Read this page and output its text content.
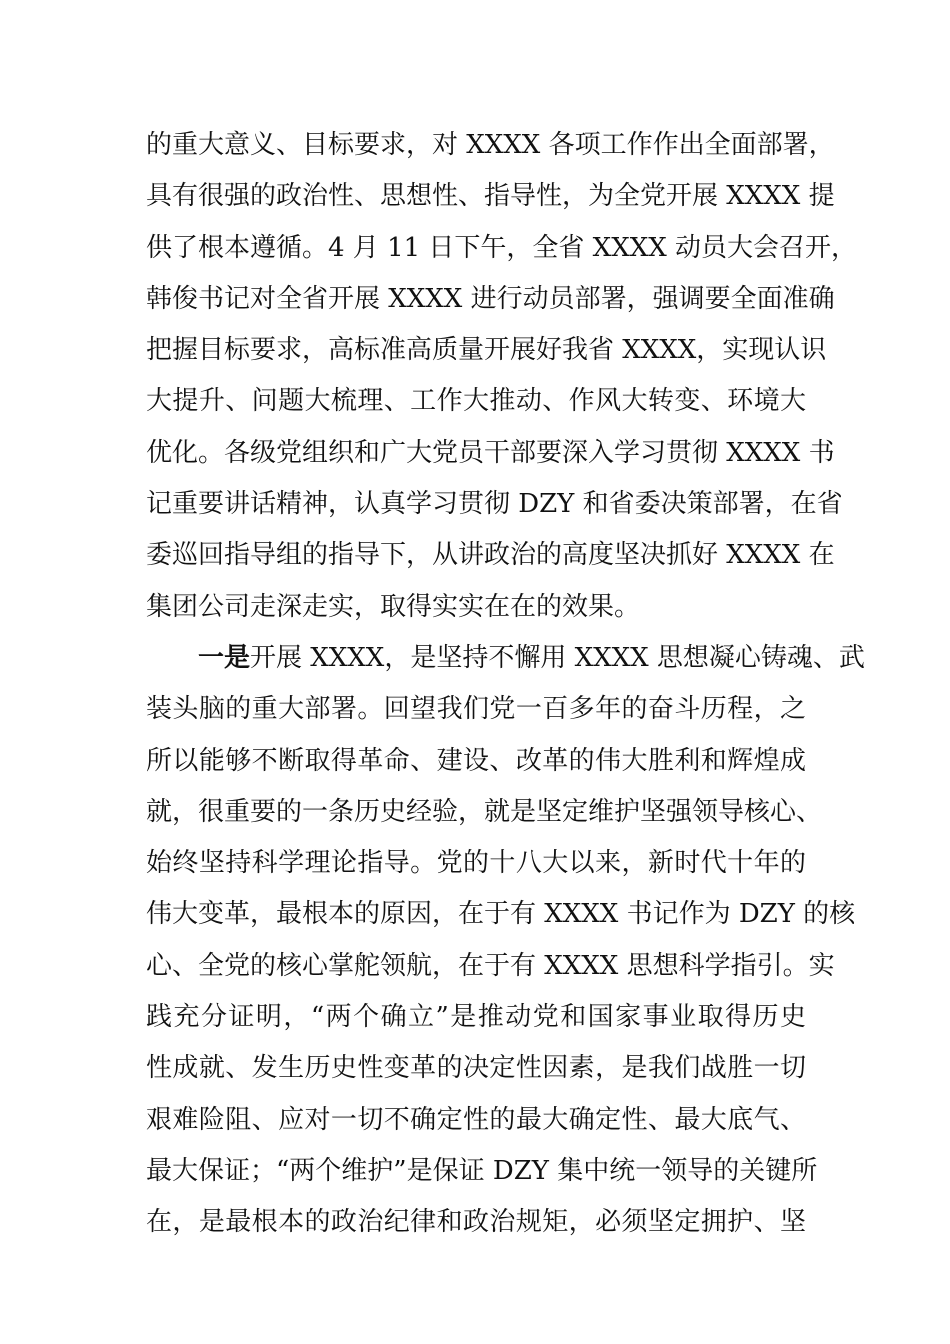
的重大意义、目标要求，对 XXXX 各项工作作出全面部署，
具有很强的政治性、思想性、指导性，为全党开展 XXXX 提
供了根本遵循。4 月 11 日下午，全省 XXXX 动员大会召开，
韩俊书记对全省开展 XXXX 进行动员部署，强调要全面准确
把握目标要求，高标准高质量开展好我省 XXXX，实现认识
大提升、问题大梳理、工作大推动、作风大转变、环境大
优化。各级党组织和广大党员干部要深入学习贯彻 XXXX 书
记重要讲话精神，认真学习贯彻 DZY 和省委决策部署，在省
委巡回指导组的指导下，从讲政治的高度坚决抓好 XXXX 在
集团公司走深走实，取得实实在在的效果。
一是开展 XXXX，是坚持不懈用 XXXX 思想凝心铸魂、武
装头脑的重大部署。回望我们党一百多年的奋斗历程，之
所以能够不断取得革命、建设、改革的伟大胜利和辉煌成
就，很重要的一条历史经验，就是坚定维护坚强领导核心、
始终坚持科学理论指导。党的十八大以来，新时代十年的
伟大变革，最根本的原因，在于有 XXXX 书记作为 DZY 的核
心、全党的核心掌舵领航，在于有 XXXX 思想科学指引。实
践充分证明，“两个确立”是推动党和国家事业取得历史
性成就、发生历史性变革的决定性因素，是我们战胜一切
艰难险阻、应对一切不确定性的最大确定性、最大底气、
最大保证；“两个维护”是保证 DZY 集中统一领导的关键所
在，是最根本的政治纪律和政治规矩，必须坚定拥护、坚
